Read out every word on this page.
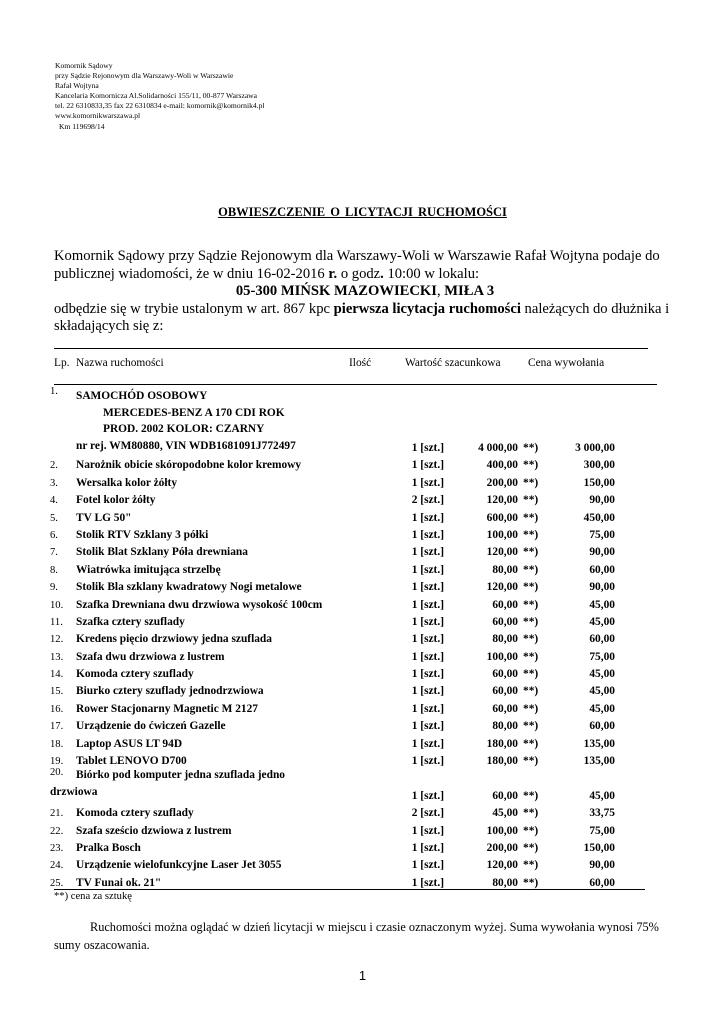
Komornik Sądowy
przy Sądzie Rejonowym dla Warszawy-Woli w Warszawie
Rafał Wojtyna
Kancelaria Komornicza Al.Solidarności 155/11, 00-877 Warszawa
tel. 22 6310833,35 fax 22 6310834 e-mail: komornik@komornik4.pl
www.komornikwarszawa.pl
Km 119698/14
OBWIESZCZENIE O LICYTACJI RUCHOMOŚCI

Komornik Sądowy przy Sądzie Rejonowym dla Warszawy-Woli w Warszawie Rafał Wojtyna podaje do publicznej wiadomości, że w dniu 16-02-2016 r. o godz. 10:00 w lokalu:

05-300 MIŃSK MAZOWIECKI, MIŁA 3

odbędzie się w trybie ustalonym w art. 867 kpc pierwsza licytacja ruchomości należących do dłużnika i składających się z:

Lp. Nazwa ruchomości	Ilość	Wartość szacunkowa Cena wywołania
1.	SAMOCHÓD OSOBOWY
MERCEDES-BENZ A 170 CDI ROK
PROD. 2002 KOLOR: CZARNY
nr rej. WM80880, VIN WDB1681091J772497	1 [szt.]	4 000,00	**)	3 000,00
2.	Narożnik obicie skóropodobne kolor kremowy	1 [szt.]	400,00	**)	300,00
3.	Wersalka kolor żółty	1 [szt.]	200,00	**)	150,00
4.	Fotel kolor żółty	2 [szt.]	120,00	**)	90,00
5.	TV LG 50"	1 [szt.]	600,00	**)	450,00
6.	Stolik RTV Szklany 3 półki	1 [szt.]	100,00	**)	75,00
7.	Stolik Blat Szklany Póła drewniana	1 [szt.]	120,00	**)	90,00
8.	Wiatrówka imitująca strzelbę	1 [szt.]	80,00	**)	60,00
9.	Stolik Bla szklany kwadratowy Nogi metalowe	1 [szt.]	120,00	**)	90,00
10.	Szafka Drewniana dwu drzwiowa wysokość 100cm	1 [szt.]	60,00	**)	45,00
11.	Szafka cztery szuflady	1 [szt.]	60,00	**)	45,00
12.	Kredens pięcio drzwiowy jedna szuflada	1 [szt.]	80,00	**)	60,00
13.	Szafa dwu drzwiowa z lustrem	1 [szt.]	100,00	**)	75,00
14.	Komoda cztery szuflady	1 [szt.]	60,00	**)	45,00
15.	Biurko cztery szuflady jednodrzwiowa	1 [szt.]	60,00	**)	45,00
16.	Rower Stacjonarny Magnetic M 2127	1 [szt.]	60,00	**)	45,00
17.	Urządzenie do ćwiczeń Gazelle	1 [szt.]	80,00	**)	60,00
18.	Laptop ASUS LT 94D	1 [szt.]	180,00	**)	135,00
19.	Tablet LENOVO D700	1 [szt.]	180,00	**)	135,00
20.	Biórko pod komputer jedna szuflada jedno
drzwiowa	1 [szt.]	60,00	**)	45,00
21.	Komoda cztery szuflady	2 [szt.]	45,00	**)	33,75
22.	Szafa sześcio dzwiowa z lustrem	1 [szt.]	100,00	**)	75,00
23.	Pralka Bosch	1 [szt.]	200,00	**)	150,00
24.	Urządzenie wielofunkcyjne Laser Jet 3055	1 [szt.]	120,00	**)	90,00
25.	TV Funai ok. 21"	1 [szt.]	80,00	**)	60,00
**) cena za sztukę
Ruchomości można oglądać w dzień licytacji w miejscu i czasie oznaczonym wyżej. Suma wywołania wynosi 75% sumy oszacowania.
1
